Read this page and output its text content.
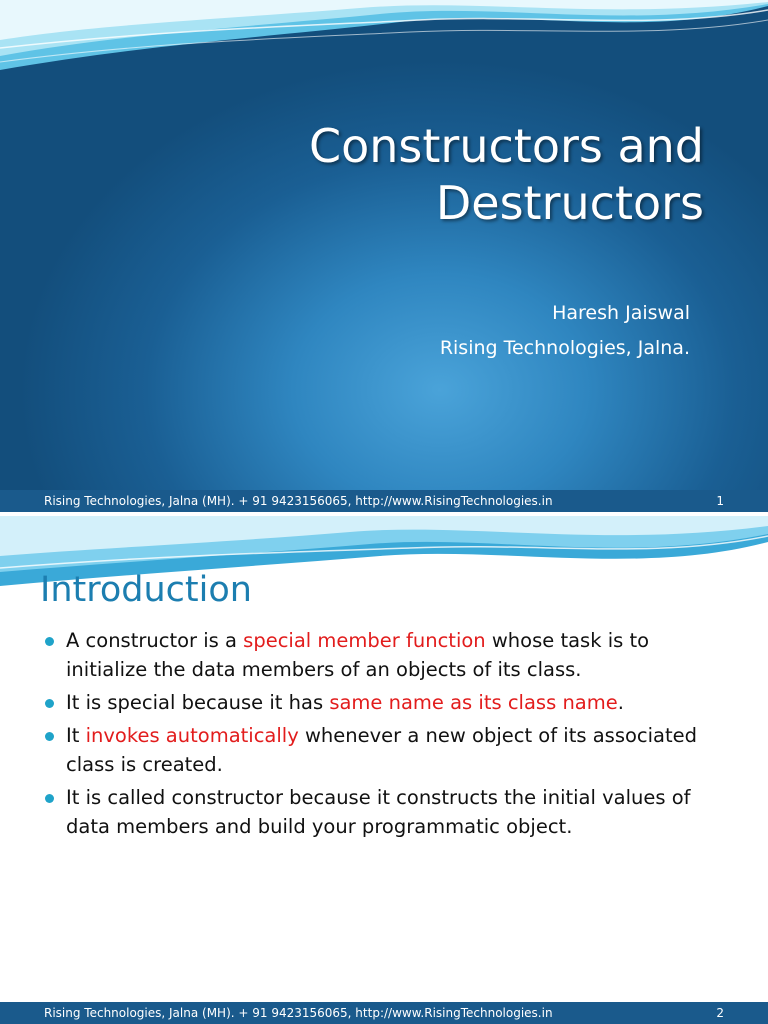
Constructors and
Destructors
Haresh Jaiswal
Rising Technologies, Jalna.
Rising Technologies, Jalna (MH). + 91 9423156065, http://www.RisingTechnologies.in	1
Introduction
A constructor is a special member function whose task is to initialize the data members of an objects of its class.
It is special because it has same name as its class name.
It invokes automatically whenever a new object of its associated class is created.
It is called constructor because it constructs the initial values of data members and build your programmatic object.
Rising Technologies, Jalna (MH). + 91 9423156065, http://www.RisingTechnologies.in	2
